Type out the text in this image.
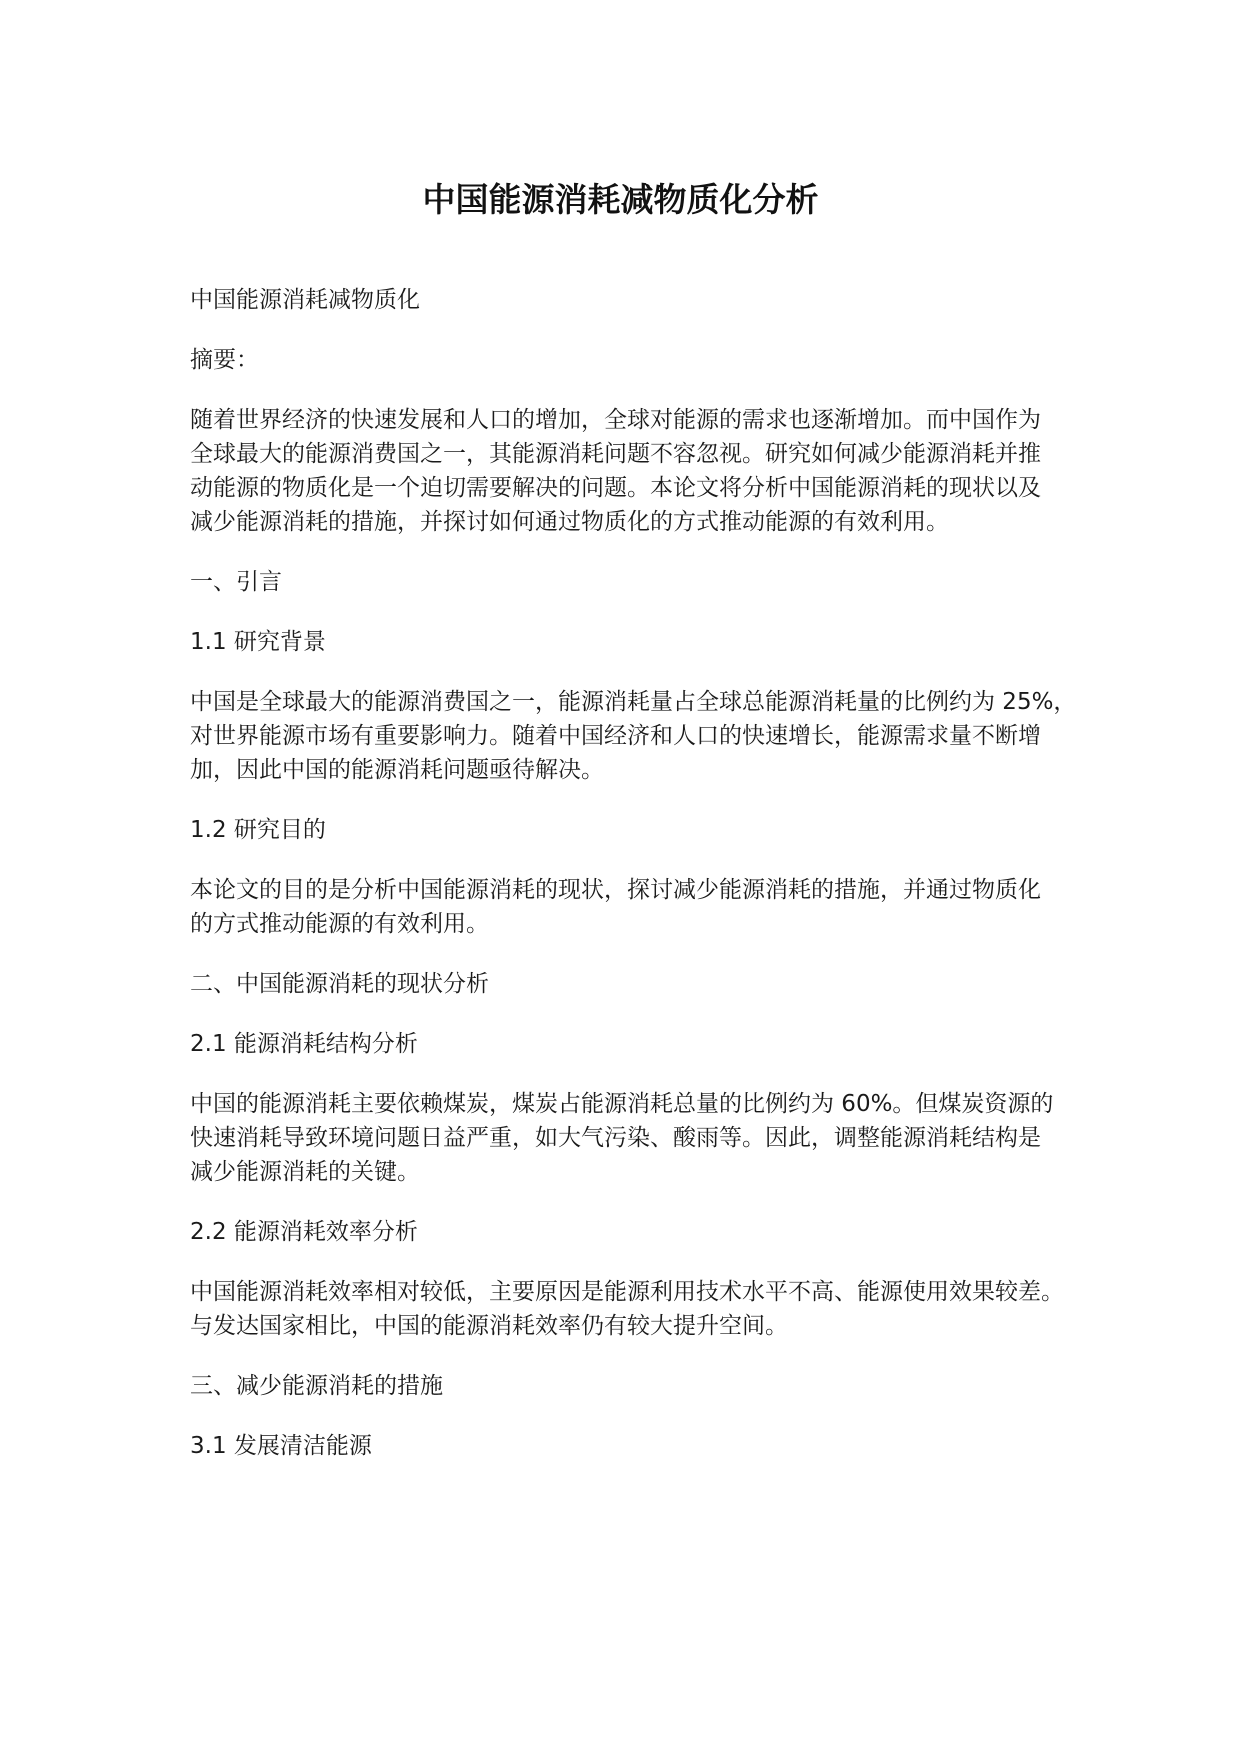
中国能源消耗减物质化分析

中国能源消耗减物质化

摘要：

随着世界经济的快速发展和人口的增加，全球对能源的需求也逐渐增加。而中国作为
全球最大的能源消费国之一，其能源消耗问题不容忽视。研究如何减少能源消耗并推
动能源的物质化是一个迫切需要解决的问题。本论文将分析中国能源消耗的现状以及
减少能源消耗的措施，并探讨如何通过物质化的方式推动能源的有效利用。

一、引言

1.1 研究背景

中国是全球最大的能源消费国之一，能源消耗量占全球总能源消耗量的比例约为 25%，
对世界能源市场有重要影响力。随着中国经济和人口的快速增长，能源需求量不断增
加，因此中国的能源消耗问题亟待解决。

1.2 研究目的

本论文的目的是分析中国能源消耗的现状，探讨减少能源消耗的措施，并通过物质化
的方式推动能源的有效利用。

二、中国能源消耗的现状分析

2.1 能源消耗结构分析

中国的能源消耗主要依赖煤炭，煤炭占能源消耗总量的比例约为 60%。但煤炭资源的
快速消耗导致环境问题日益严重，如大气污染、酸雨等。因此，调整能源消耗结构是
减少能源消耗的关键。

2.2 能源消耗效率分析

中国能源消耗效率相对较低，主要原因是能源利用技术水平不高、能源使用效果较差。
与发达国家相比，中国的能源消耗效率仍有较大提升空间。

三、减少能源消耗的措施

3.1 发展清洁能源
